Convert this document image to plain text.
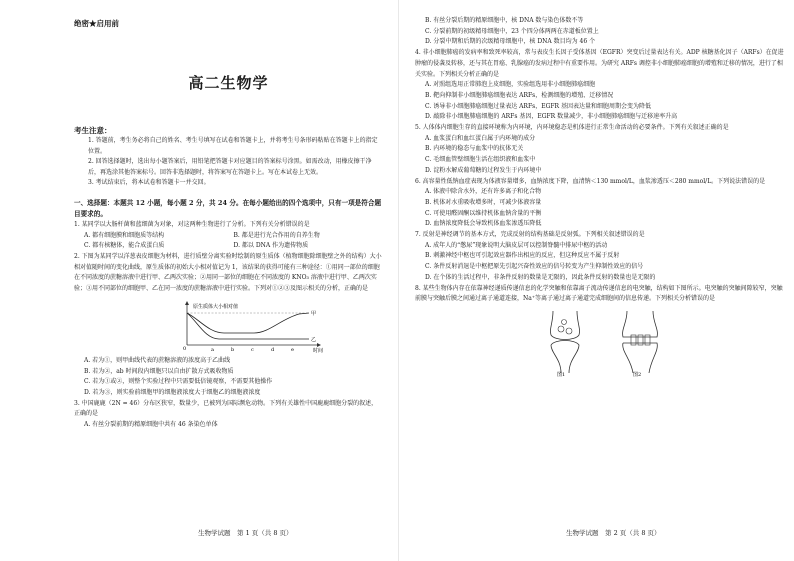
绝密★启用前
高二生物学
考生注意：

1. 答题前，考生务必将自己的姓名、考生号填写在试卷和答题卡上，并将考生号条形码粘贴在答题卡上的指定位置。

2. 回答选择题时，选出每小题答案后，用铅笔把答题卡对应题目的答案标号涂黑。如需改动，用橡皮擦干净后，再选涂其他答案标号。回答非选择题时，将答案写在答题卡上。写在本试卷上无效。

3. 考试结束后，将本试卷和答题卡一并交回。

一、选择题：本题共 12 小题，每小题 2 分，共 24 分。在每小题给出的四个选项中，只有一项是符合题目要求的。

1. 某同学以大肠杆菌和蓝细菌为对象，对这两种生物进行了分析。下列有关分析错误的是

A. 都有细胞膜和细胞质等结构	B. 都是进行光合作用的自养生物
C. 都有核糖体，能合成蛋白质	D. 都以 DNA 作为遗传物质

2. 下图为某同学以洋葱表皮细胞为材料，进行质壁分离实验时绘制的原生质体（植物细胞除细胞壁之外的结构）大小相对值随时间的变化曲线，原生质体的初始大小相对值记为 1，该结果的获得可能有三种途径：①用同一部位的细胞在不同浓度的蔗糖溶液中进行甲、乙两次实验；②用同一部位的细胞在不同浓度的 KNO₃ 溶液中进行甲、乙两次实验；③用不同部位的细胞甲、乙在同一浓度的蔗糖溶液中进行实验。下列对①②③及图示相关的分析，正确的是

原生质体大小相对值
甲
乙
0	a	b	c	d	e	时间

A. 若为①，则甲曲线代表的蔗糖溶液的浓度高于乙曲线

B. 若为②，ab 时间段内细胞只以自由扩散方式吸收物质

C. 若为①或②，则整个实验过程中只需要低倍镜观察，不需要其他操作

D. 若为③，则实验前细胞甲的细胞液浓度大于细胞乙的细胞液浓度

3. 中国鹿鹿（2N = 46）分布区狭窄，数量少，已被列为国际濒危动物。下列有关雄性中国鹿鹿细胞分裂的叙述，正确的是

A. 有丝分裂前期的精原细胞中共有 46 条染色单体

生物学试题　第 1 页（共 8 页）

B. 有丝分裂后期的精原细胞中，核 DNA 数与染色体数不等

C. 分裂前期的初级精母细胞中，23 个四分体两两在赤道板位置上

D. 分裂中期和后期的次级精母细胞中，核 DNA 数目均为 46 个

4. 非小细胞肺癌的发病率和致死率较高，常与表皮生长因子受体基因（EGFR）突变后过量表达有关。ADP 核糖基化因子（ARFs）在促进肿瘤的侵袭及转移，还与其在胃癌、乳腺癌的发病过程中有重要作用。为研究 ARFs 调控非小细胞肺癌细胞的增殖和迁移的情况，进行了相关实验。下列相关分析正确的是

A. 对照组选用正常肺泡上皮细胞，实验组选用非小细胞肺癌细胞

B. 靶向抑制非小细胞肺癌细胞表达 ARFs，检测细胞的增殖、迁移情况

C. 诱导非小细胞肺癌细胞过量表达 ARFs，EGFR 基因表达量和细胞周期会变为降低

D. 敲除非小细胞肺癌细胞的 ARFs 基因，EGFR 数量减少，非小细胞肺癌细胞与迁移速率升高

5. 人体体内细胞生存的直接环境称为内环境，内环境稳态是机体进行正常生命活动的必要条件。下列有关叙述正确的是

A. 血浆蛋白和血红蛋白属于内环境的成分

B. 内环境的稳态与血浆中的抗体无关

C. 毛细血管壁细胞生活在组织液和血浆中

D. 淀粉水解成葡萄糖的过程发生于内环境中

6. 高容量性低钠血症表现为体液容量增多，血钠浓度下降，血清钠＜130 mmol/L，血浆渗透压＜280 mmol/L。下列说法错误的是

A. 体液中除含水外，还有许多离子和化合物

B. 机体对水重吸收增多时，可减少体液容量

C. 可使用醛固酮以维持机体血钠含量的平衡

D. 血钠浓度降低会导致机体血浆渗透压降低

7. 反射是神经调节的基本方式，完成反射的结构基础是反射弧。下列相关叙述错误的是

A. 成年人的“憋尿”现象说明大脑皮层可以控制脊髓中排尿中枢的活动

B. 刺激神经中枢也可引起效应器作出相应的反应，但这种反应不属于反射

C. 条件反射消退是中枢把原先引起兴奋性效应的信号转变为产生抑制性效应的信号

D. 在个体的生活过程中，非条件反射的数量是无限的，因此条件反射的数量也是无限的

8. 某些生物体内存在依靠神经递质传递信息的化学突触和依靠离子流动传递信息的电突触，结构如下图所示。电突触的突触间隙较窄，突触前膜与突触后膜之间通过离子通道连接，Na⁺等离子通过离子通道完成细胞间的信息传递。下列相关分析错误的是

图1	图2
生物学试题　第 2 页（共 8 页）
